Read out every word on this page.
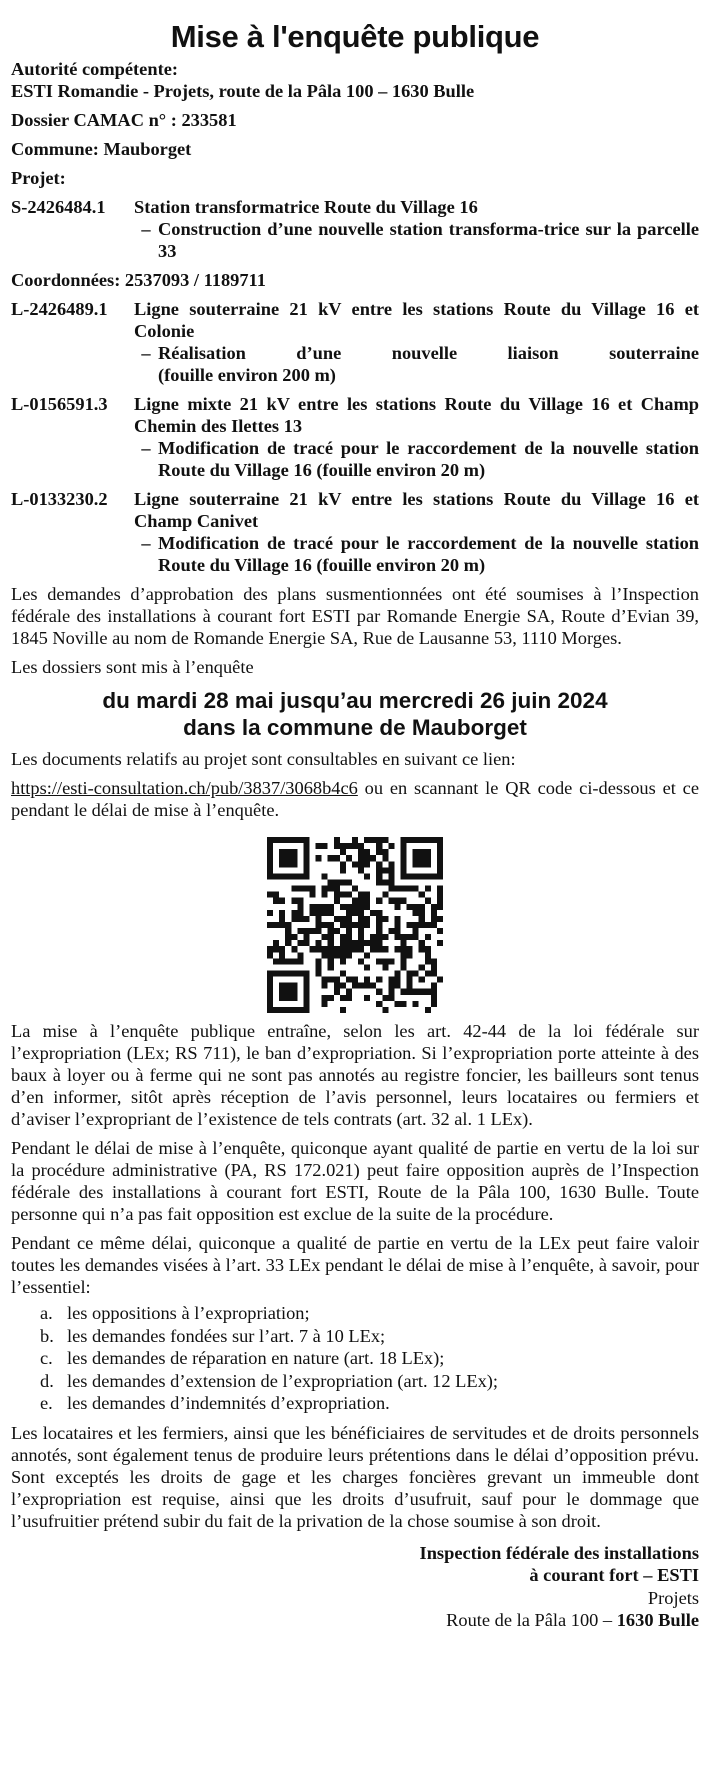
Mise à l'enquête publique
Autorité compétente:
ESTI Romandie - Projets, route de la Pâla 100 – 1630 Bulle
Dossier CAMAC n° : 233581
Commune: Mauborget
Projet:
S-2426484.1	Station transformatrice Route du Village 16
– Construction d’une nouvelle station transforma-trice sur la parcelle 33
Coordonnées: 2537093 / 1189711
L-2426489.1	Ligne souterraine 21 kV entre les stations Route du Village 16 et Colonie
– Réalisation d’une nouvelle liaison souterraine
(fouille environ 200 m)
L-0156591.3	Ligne mixte 21 kV entre les stations Route du Village 16 et Champ Chemin des Ilettes 13
– Modification de tracé pour le raccordement de la nouvelle station Route du Village 16 (fouille environ 20 m)
L-0133230.2	Ligne souterraine 21 kV entre les stations Route du Village 16 et Champ Canivet
– Modification de tracé pour le raccordement de la nouvelle station Route du Village 16 (fouille environ 20 m)

Les demandes d’approbation des plans susmentionnées ont été soumises à l’Inspection fédérale des installations à courant fort ESTI par Romande Energie SA, Route d’Evian 39, 1845 Noville au nom de Romande Energie SA, Rue de Lausanne 53, 1110 Morges.

Les dossiers sont mis à l’enquête

du mardi 28 mai jusqu’au mercredi 26 juin 2024
dans la commune de Mauborget

Les documents relatifs au projet sont consultables en suivant ce lien:

https://esti-consultation.ch/pub/3837/3068b4c6 ou en scannant le QR code ci-dessous et ce pendant le délai de mise à l’enquête.

La mise à l’enquête publique entraîne, selon les art. 42-44 de la loi fédérale sur l’expropriation (LEx; RS 711), le ban d’expropriation. Si l’expropriation porte atteinte à des baux à loyer ou à ferme qui ne sont pas annotés au registre foncier, les bailleurs sont tenus d’en informer, sitôt après réception de l’avis personnel, leurs locataires ou fermiers et d’aviser l’expropriant de l’existence de tels contrats (art. 32 al. 1 LEx).

Pendant le délai de mise à l’enquête, quiconque ayant qualité de partie en vertu de la loi sur la procédure administrative (PA, RS 172.021) peut faire opposition auprès de l’Inspection fédérale des installations à courant fort ESTI, Route de la Pâla 100, 1630 Bulle. Toute personne qui n’a pas fait opposition est exclue de la suite de la procédure.

Pendant ce même délai, quiconque a qualité de partie en vertu de la LEx peut faire valoir toutes les demandes visées à l’art. 33 LEx pendant le délai de mise à l’enquête, à savoir, pour l’essentiel:

a. les oppositions à l’expropriation;
b. les demandes fondées sur l’art. 7 à 10 LEx;
c. les demandes de réparation en nature (art. 18 LEx);
d. les demandes d’extension de l’expropriation (art. 12 LEx);
e. les demandes d’indemnités d’expropriation.

Les locataires et les fermiers, ainsi que les bénéficiaires de servitudes et de droits personnels annotés, sont également tenus de produire leurs prétentions dans le délai d’opposition prévu. Sont exceptés les droits de gage et les charges foncières grevant un immeuble dont l’expropriation est requise, ainsi que les droits d’usufruit, sauf pour le dommage que l’usufruitier prétend subir du fait de la privation de la chose soumise à son droit.

Inspection fédérale des installations
à courant fort – ESTI
Projets
Route de la Pâla 100 – 1630 Bulle
